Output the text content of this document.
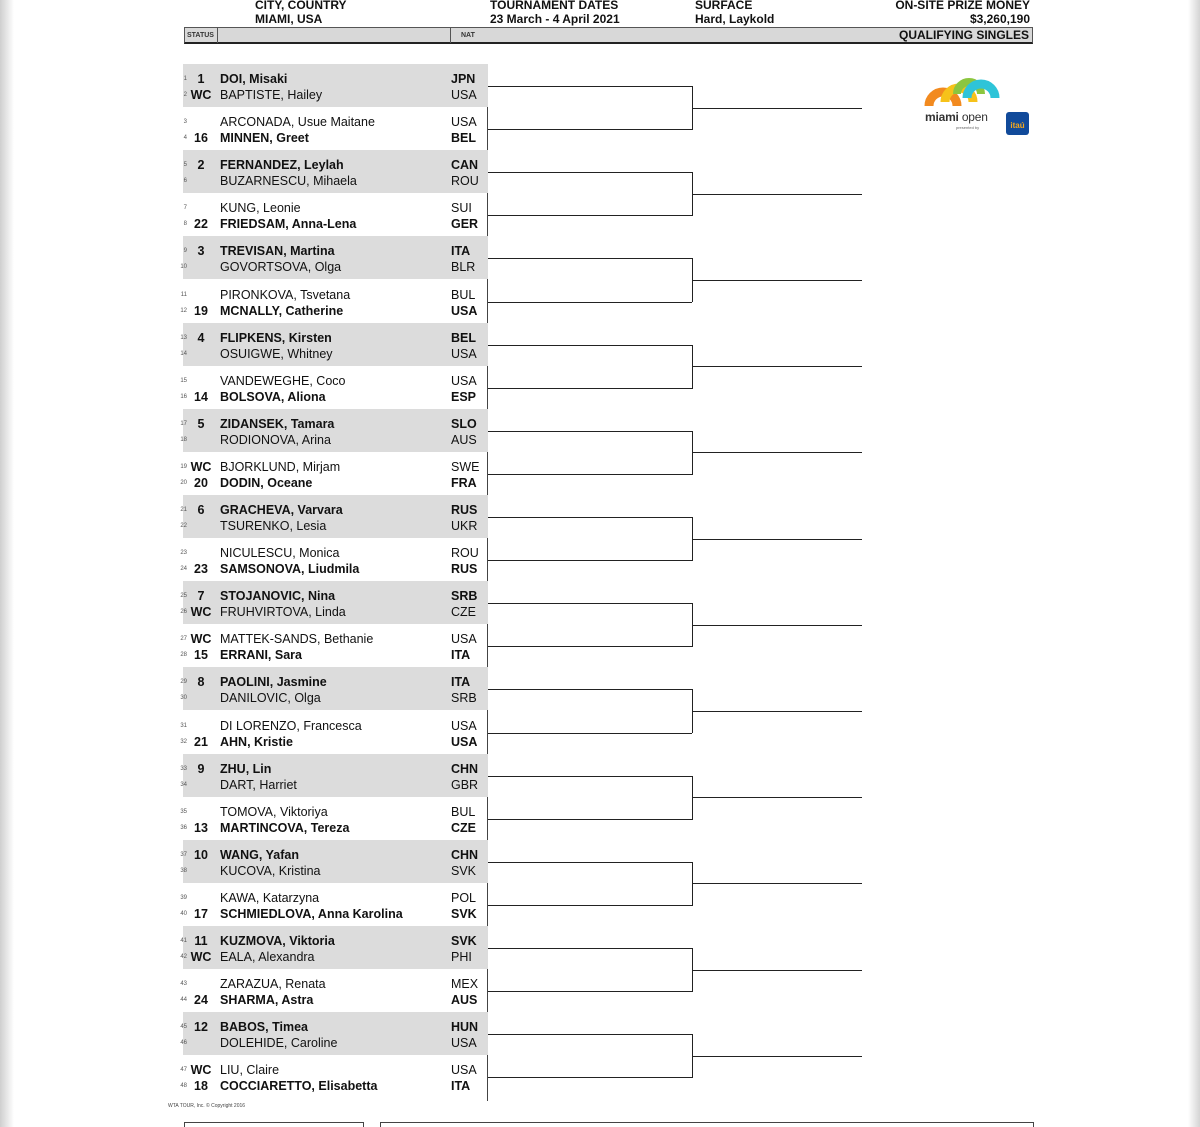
CITY, COUNTRY
MIAMI, USA
TOURNAMENT DATES
23 March - 4 April 2021
SURFACE
Hard, Laykold
ON-SITE PRIZE MONEY
$3,260,190
STATUS	NAT	QUALIFYING SINGLES
miami open
presented by	itaú
1 1	DOI, Misaki	JPN
2 WC BAPTISTE, Hailey	USA
3	ARCONADA, Usue Maitane	USA
4 16 MINNEN, Greet	BEL
5 2	FERNANDEZ, Leylah	CAN
6	BUZARNESCU, Mihaela	ROU
7	KUNG, Leonie	SUI
8 22 FRIEDSAM, Anna-Lena	GER
9 3	TREVISAN, Martina	ITA
10	GOVORTSOVA, Olga	BLR
11	PIRONKOVA, Tsvetana	BUL
12 19 MCNALLY, Catherine	USA
13 4	FLIPKENS, Kirsten	BEL
14	OSUIGWE, Whitney	USA
15	VANDEWEGHE, Coco	USA
16 14 BOLSOVA, Aliona	ESP
17 5	ZIDANSEK, Tamara	SLO
18	RODIONOVA, Arina	AUS
19 WC BJORKLUND, Mirjam	SWE
20 20 DODIN, Oceane	FRA
21 6	GRACHEVA, Varvara	RUS
22	TSURENKO, Lesia	UKR
23	NICULESCU, Monica	ROU
24 23 SAMSONOVA, Liudmila	RUS
25 7	STOJANOVIC, Nina	SRB
26 WC FRUHVIRTOVA, Linda	CZE
27 WC MATTEK-SANDS, Bethanie	USA
28 15 ERRANI, Sara	ITA
29 8	PAOLINI, Jasmine	ITA
30	DANILOVIC, Olga	SRB
31	DI LORENZO, Francesca	USA
32 21 AHN, Kristie	USA
33 9	ZHU, Lin	CHN
34	DART, Harriet	GBR
35	TOMOVA, Viktoriya	BUL
36 13 MARTINCOVA, Tereza	CZE
37 10 WANG, Yafan	CHN
38	KUCOVA, Kristina	SVK
39	KAWA, Katarzyna	POL
40 17 SCHMIEDLOVA, Anna Karolina	SVK
41 11 KUZMOVA, Viktoria	SVK
42 WC EALA, Alexandra	PHI
43	ZARAZUA, Renata	MEX
44 24 SHARMA, Astra	AUS
45 12 BABOS, Timea	HUN
46	DOLEHIDE, Caroline	USA
47 WC LIU, Claire	USA
48 18 COCCIARETTO, Elisabetta	ITA
WTA TOUR, Inc. © Copyright 2016
